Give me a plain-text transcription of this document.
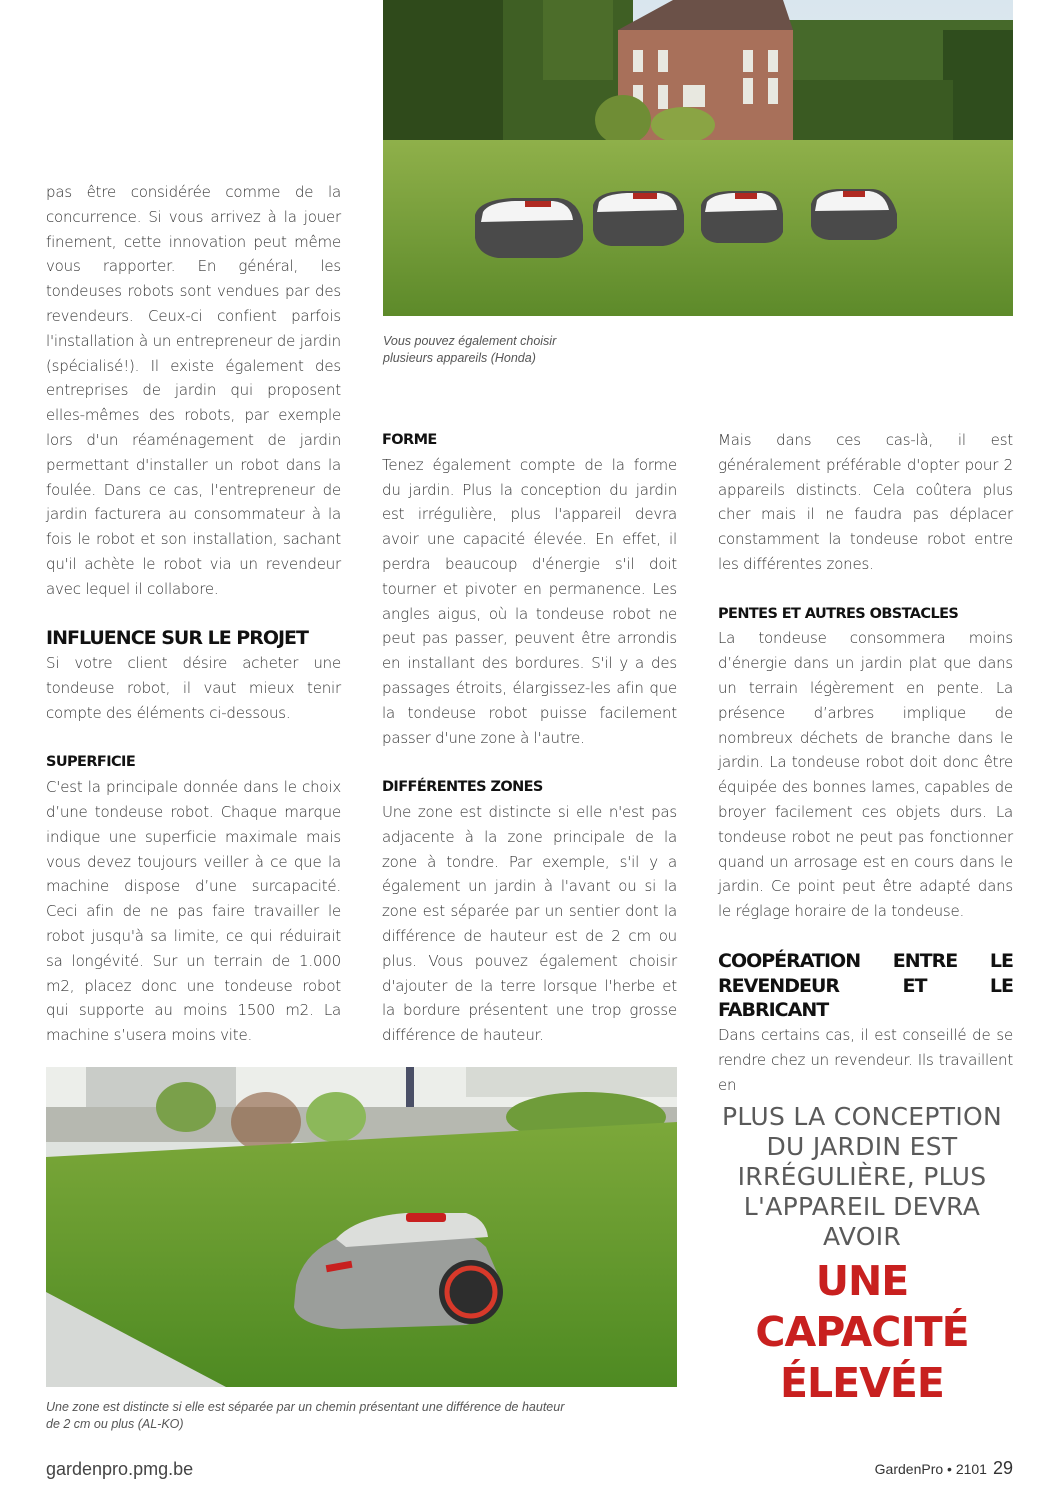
Vous pouvez également choisir plusieurs appareils (Honda)

pas être considérée comme de la concurrence. Si vous arrivez à la jouer finement, cette innovation peut même vous rapporter. En général, les tondeuses robots sont vendues par des revendeurs. Ceux-ci confient parfois l'installation à un entrepreneur de jardin (spécialisé!). Il existe également des entreprises de jardin qui proposent elles-mêmes des robots, par exemple lors d'un réaménagement de jardin permettant d'installer un robot dans la foulée. Dans ce cas, l'entrepreneur de jardin facturera au consommateur à la fois le robot et son installation, sachant qu'il achète le robot via un revendeur avec lequel il collabore.

INFLUENCE SUR LE PROJET

Si votre client désire acheter une tondeuse robot, il vaut mieux tenir compte des éléments ci-dessous.

SUPERFICIE

C'est la principale donnée dans le choix d’une tondeuse robot. Chaque marque indique une superficie maximale mais vous devez toujours veiller à ce que la machine dispose d’une surcapacité. Ceci afin de ne pas faire travailler le robot jusqu'à sa limite, ce qui réduirait sa longévité. Sur un terrain de 1.000 m2, placez donc une tondeuse robot qui supporte au moins 1500 m2. La machine s’usera moins vite.

FORME

Tenez également compte de la forme du jardin. Plus la conception du jardin est irrégulière, plus l'appareil devra avoir une capacité élevée. En effet, il perdra beaucoup d'énergie s'il doit tourner et pivoter en permanence. Les angles aigus, où la tondeuse robot ne peut pas passer, peuvent être arrondis en installant des bordures. S'il y a des passages étroits, élargissez-les afin que la tondeuse robot puisse facilement passer d'une zone à l'autre.

DIFFÉRENTES ZONES

Une zone est distincte si elle n'est pas adjacente à la zone principale de la zone à tondre. Par exemple, s'il y a également un jardin à l'avant ou si la zone est séparée par un sentier dont la différence de hauteur est de 2 cm ou plus. Vous pouvez également choisir d'ajouter de la terre lorsque l'herbe et la bordure présentent une trop grosse différence de hauteur.

Mais dans ces cas-là, il est généralement préférable d'opter pour 2 appareils distincts. Cela coûtera plus cher mais il ne faudra pas déplacer constamment la tondeuse robot entre les différentes zones.

PENTES ET AUTRES OBSTACLES

La tondeuse consommera moins d’énergie dans un jardin plat que dans un terrain légèrement en pente. La présence d’arbres implique de nombreux déchets de branche dans le jardin. La tondeuse robot doit donc être équipée des bonnes lames, capables de broyer facilement ces objets durs. La tondeuse robot ne peut pas fonctionner quand un arrosage est en cours dans le jardin. Ce point peut être adapté dans le réglage horaire de la tondeuse.

COOPÉRATION ENTRE LE REVENDEUR ET LE FABRICANT

Dans certains cas, il est conseillé de se rendre chez un revendeur. Ils travaillent en

Une zone est distincte si elle est séparée par un chemin présentant une différence de hauteur de 2 cm ou plus (AL-KO)
PLUS LA CONCEPTION DU JARDIN EST IRRÉGULIÈRE, PLUS L'APPAREIL DEVRA AVOIR
UNE CAPACITÉ ÉLEVÉE
gardenpro.pmg.be	GardenPro • 2101 29
